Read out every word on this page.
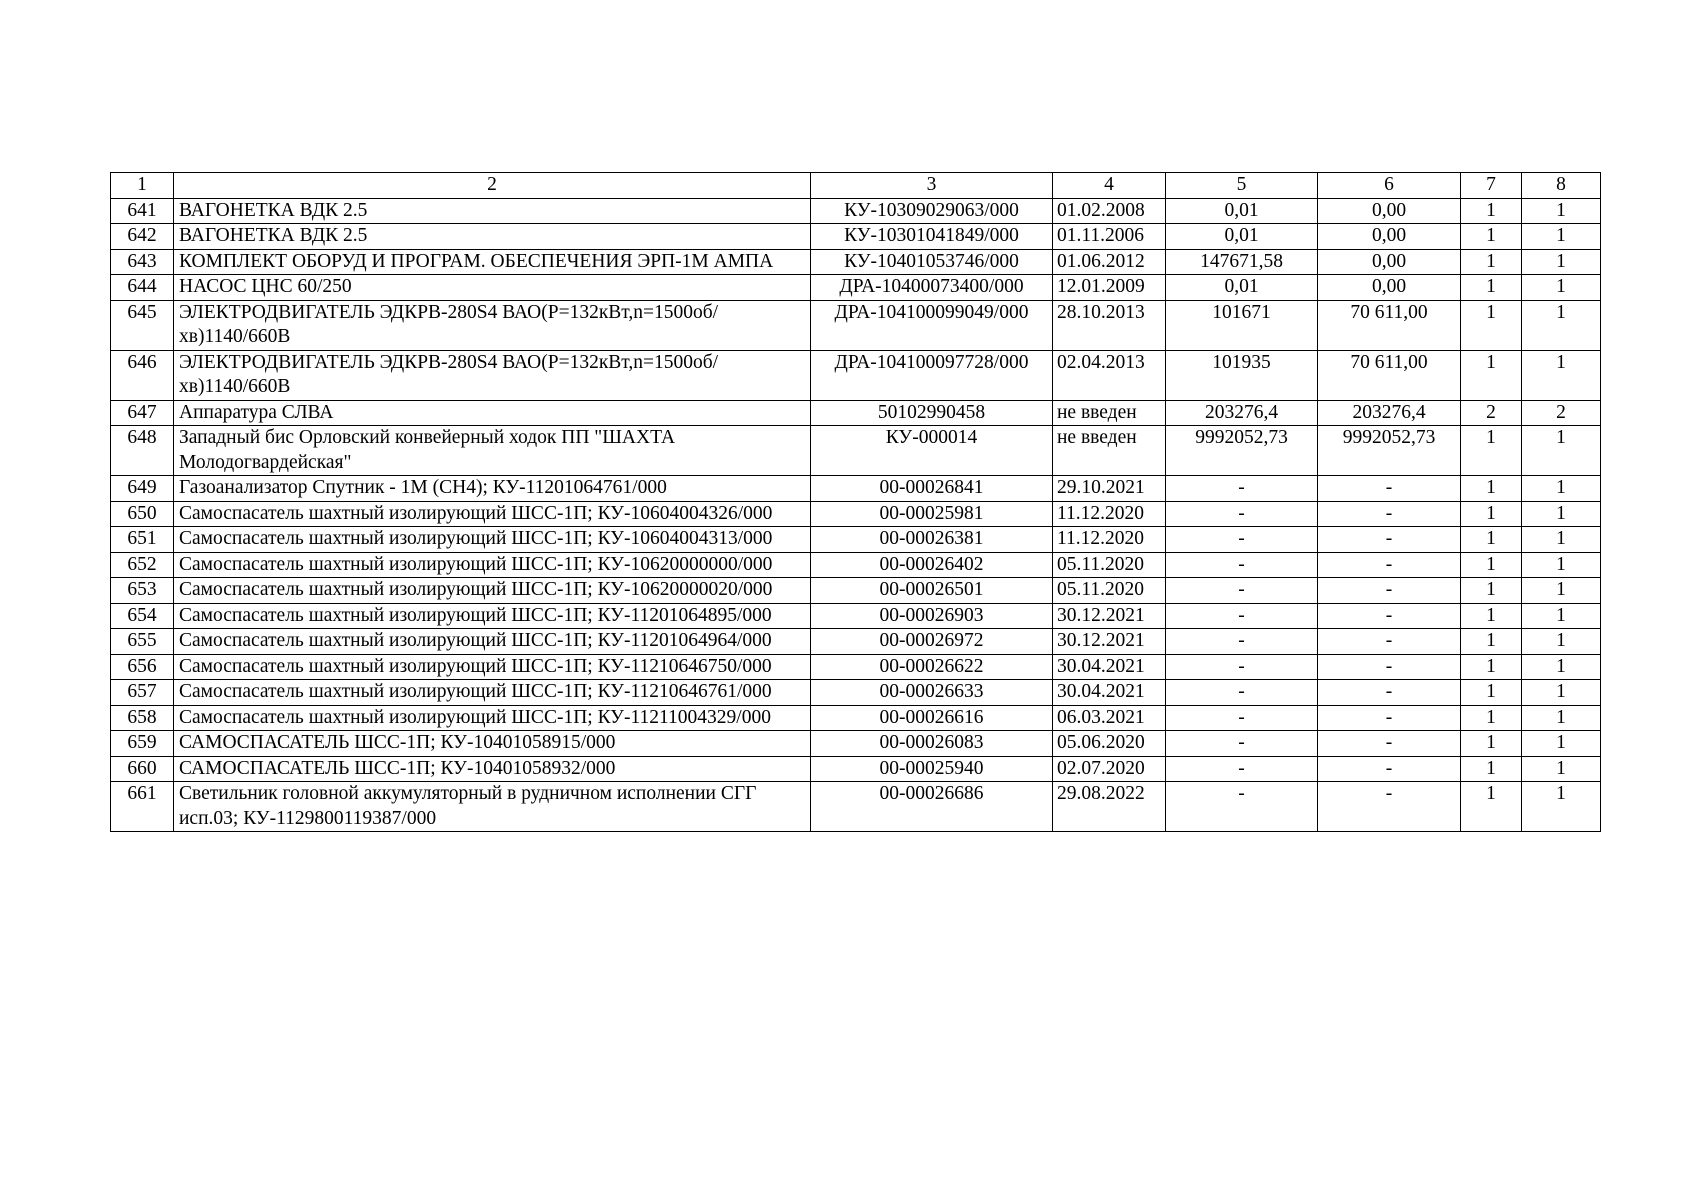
1	2	3	4	5	6	7	8
641	ВАГОНЕТКА ВДК 2.5	КУ-10309029063/000	01.02.2008	0,01	0,00	1	1
642	ВАГОНЕТКА ВДК 2.5	КУ-10301041849/000	01.11.2006	0,01	0,00	1	1
643	КОМПЛЕКТ ОБОРУД И ПРОГРАМ. ОБЕСПЕЧЕНИЯ ЭРП-1М АМПА	КУ-10401053746/000	01.06.2012	147671,58	0,00	1	1
644	НАСОС ЦНС 60/250	ДРА-10400073400/000	12.01.2009	0,01	0,00	1	1
645	ЭЛЕКТРОДВИГАТЕЛЬ ЭДКРВ-280S4 ВАО(Р=132кВт,n=1500об/хв)1140/660В	ДРА-104100099049/000	28.10.2013	101671	70 611,00	1	1
646	ЭЛЕКТРОДВИГАТЕЛЬ ЭДКРВ-280S4 ВАО(Р=132кВт,n=1500об/хв)1140/660В	ДРА-104100097728/000	02.04.2013	101935	70 611,00	1	1
647	Аппаратура СЛВА	50102990458	не введен	203276,4	203276,4	2	2
648	Западный бис Орловский конвейерный ходок ПП "ШАХТА Молодогвардейская"	КУ-000014	не введен	9992052,73	9992052,73	1	1
649	Газоанализатор Спутник - 1М (СН4); КУ-11201064761/000	00-00026841	29.10.2021	-	-	1	1
650	Самоспасатель шахтный изолирующий ШСС-1П; КУ-10604004326/000	00-00025981	11.12.2020	-	-	1	1
651	Самоспасатель шахтный изолирующий ШСС-1П; КУ-10604004313/000	00-00026381	11.12.2020	-	-	1	1
652	Самоспасатель шахтный изолирующий ШСС-1П; КУ-10620000000/000	00-00026402	05.11.2020	-	-	1	1
653	Самоспасатель шахтный изолирующий ШСС-1П; КУ-10620000020/000	00-00026501	05.11.2020	-	-	1	1
654	Самоспасатель шахтный изолирующий ШСС-1П; КУ-11201064895/000	00-00026903	30.12.2021	-	-	1	1
655	Самоспасатель шахтный изолирующий ШСС-1П; КУ-11201064964/000	00-00026972	30.12.2021	-	-	1	1
656	Самоспасатель шахтный изолирующий ШСС-1П; КУ-11210646750/000	00-00026622	30.04.2021	-	-	1	1
657	Самоспасатель шахтный изолирующий ШСС-1П; КУ-11210646761/000	00-00026633	30.04.2021	-	-	1	1
658	Самоспасатель шахтный изолирующий ШСС-1П; КУ-11211004329/000	00-00026616	06.03.2021	-	-	1	1
659	САМОСПАСАТЕЛЬ ШСС-1П; КУ-10401058915/000	00-00026083	05.06.2020	-	-	1	1
660	САМОСПАСАТЕЛЬ ШСС-1П; КУ-10401058932/000	00-00025940	02.07.2020	-	-	1	1
661	Светильник головной аккумуляторный в рудничном исполнении СГГ исп.03; КУ-1129800119387/000	00-00026686	29.08.2022	-	-	1	1
